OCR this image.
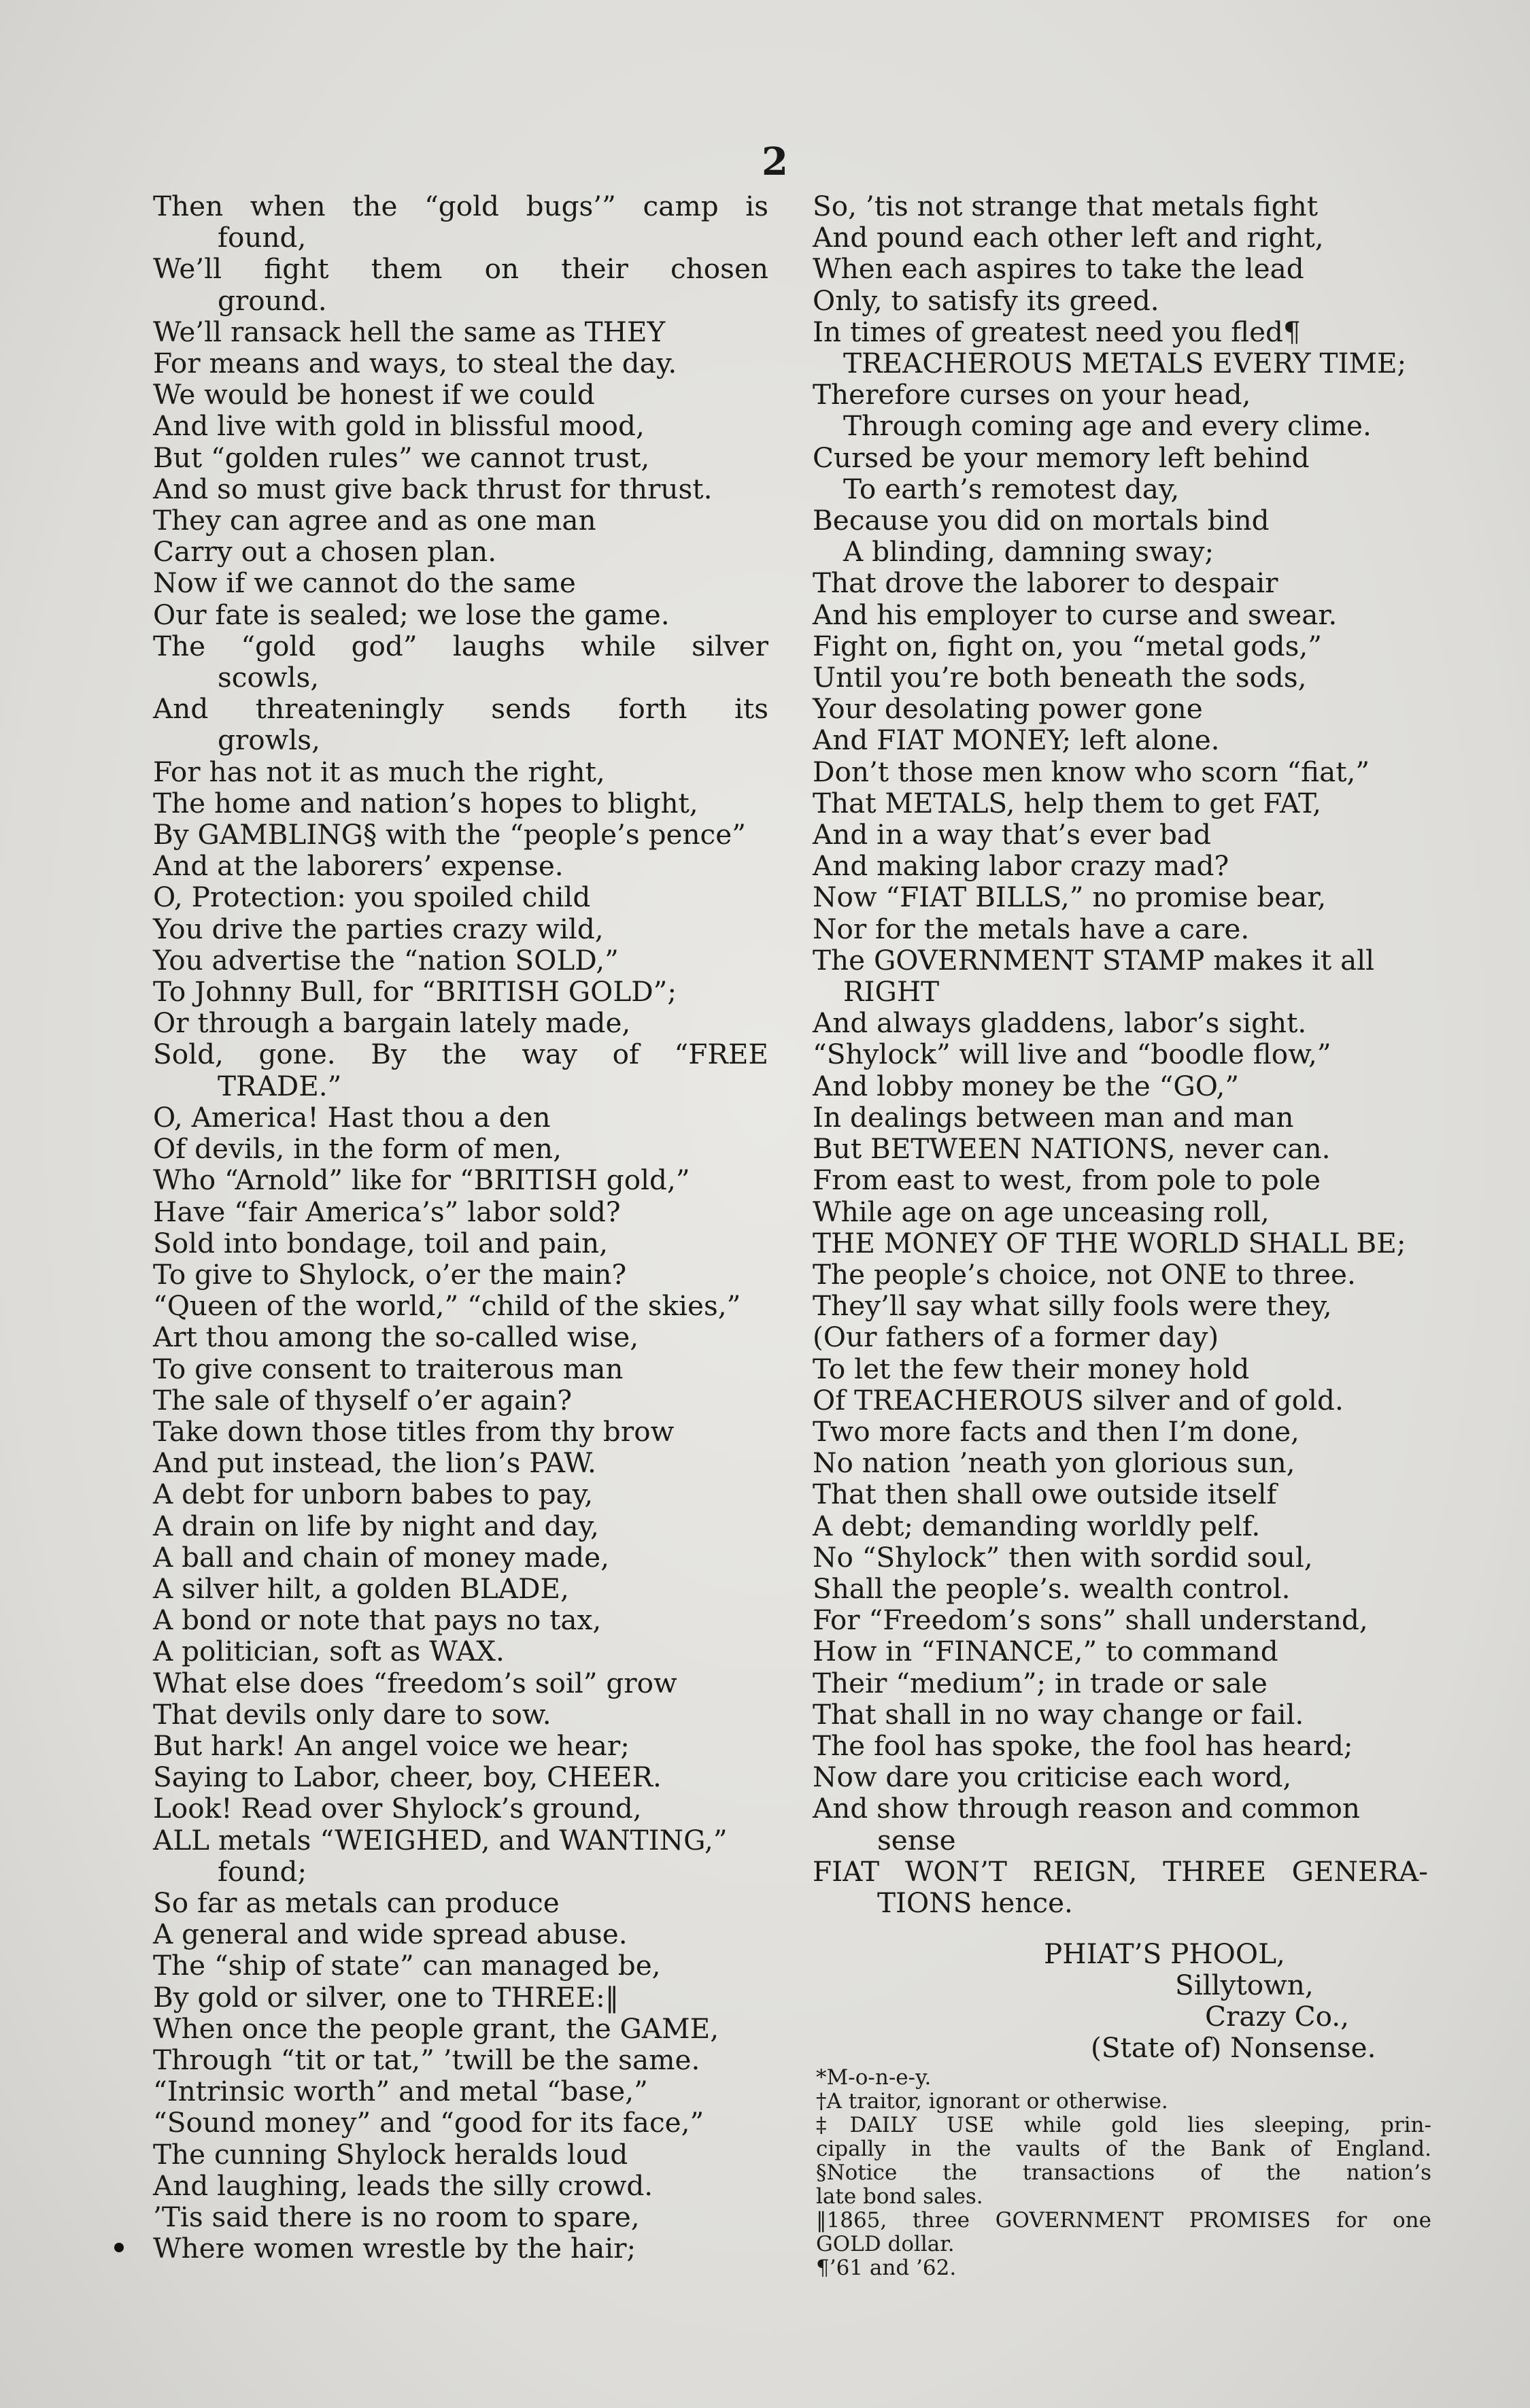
2
Then when the “gold bugs’” camp is
found,
We’ll fight them on their chosen
ground.
We’ll ransack hell the same as THEY
For means and ways, to steal the day.
We would be honest if we could
And live with gold in blissful mood,
But “golden rules” we cannot trust,
And so must give back thrust for thrust.
They can agree and as one man
Carry out a chosen plan.
Now if we cannot do the same
Our fate is sealed; we lose the game.
The “gold god” laughs while silver
scowls,
And threateningly sends forth its
growls,
For has not it as much the right,
The home and nation’s hopes to blight,
By GAMBLING§ with the “people’s pence”
And at the laborers’ expense.
O, Protection: you spoiled child
You drive the parties crazy wild,
You advertise the “nation SOLD,”
To Johnny Bull, for “BRITISH GOLD”;
Or through a bargain lately made,
Sold, gone. By the way of “FREE
TRADE.”
O, America! Hast thou a den
Of devils, in the form of men,
Who “Arnold” like for “BRITISH gold,”
Have “fair America’s” labor sold?
Sold into bondage, toil and pain,
To give to Shylock, o’er the main?
“Queen of the world,” “child of the skies,”
Art thou among the so-called wise,
To give consent to traiterous man
The sale of thyself o’er again?
Take down those titles from thy brow
And put instead, the lion’s PAW.
A debt for unborn babes to pay,
A drain on life by night and day,
A ball and chain of money made,
A silver hilt, a golden BLADE,
A bond or note that pays no tax,
A politician, soft as WAX.
What else does “freedom’s soil” grow
That devils only dare to sow.
But hark! An angel voice we hear;
Saying to Labor, cheer, boy, CHEER.
Look! Read over Shylock’s ground,
ALL metals “WEIGHED, and WANTING,”
found;
So far as metals can produce
A general and wide spread abuse.
The “ship of state” can managed be,
By gold or silver, one to THREE:‖
When once the people grant, the GAME,
Through “tit or tat,” ’twill be the same.
“Intrinsic worth” and metal “base,”
“Sound money” and “good for its face,”
The cunning Shylock heralds loud
And laughing, leads the silly crowd.
’Tis said there is no room to spare,
Where women wrestle by the hair;
So, ’tis not strange that metals fight
And pound each other left and right,
When each aspires to take the lead
Only, to satisfy its greed.
In times of greatest need you fled¶
TREACHEROUS METALS EVERY TIME;
Therefore curses on your head,
Through coming age and every clime.
Cursed be your memory left behind
To earth’s remotest day,
Because you did on mortals bind
A blinding, damning sway;
That drove the laborer to despair
And his employer to curse and swear.
Fight on, fight on, you “metal gods,”
Until you’re both beneath the sods,
Your desolating power gone
And FIAT MONEY; left alone.
Don’t those men know who scorn “fiat,”
That METALS, help them to get FAT,
And in a way that’s ever bad
And making labor crazy mad?
Now “FIAT BILLS,” no promise bear,
Nor for the metals have a care.
The GOVERNMENT STAMP makes it all
RIGHT
And always gladdens, labor’s sight.
“Shylock” will live and “boodle flow,”
And lobby money be the “GO,”
In dealings between man and man
But BETWEEN NATIONS, never can.
From east to west, from pole to pole
While age on age unceasing roll,
THE MONEY OF THE WORLD SHALL BE;
The people’s choice, not ONE to three.
They’ll say what silly fools were they,
(Our fathers of a former day)
To let the few their money hold
Of TREACHEROUS silver and of gold.
Two more facts and then I’m done,
No nation ’neath yon glorious sun,
That then shall owe outside itself
A debt; demanding worldly pelf.
No “Shylock” then with sordid soul,
Shall the people’s. wealth control.
For “Freedom’s sons” shall understand,
How in “FINANCE,” to command
Their “medium”; in trade or sale
That shall in no way change or fail.
The fool has spoke, the fool has heard;
Now dare you criticise each word,
And show through reason and common
sense
FIAT WON’T REIGN, THREE GENERA-
TIONS hence.
PHIAT’S PHOOL,
Sillytown,
Crazy Co.,
(State of) Nonsense.
*M-o-n-e-y.
†A traitor, ignorant or otherwise.
‡DAILY USE while gold lies sleeping, prin-
cipally in the vaults of the Bank of England.
§Notice the transactions of the nation’s
late bond sales.
‖1865, three GOVERNMENT PROMISES for one
GOLD dollar.
¶’61 and ’62.
